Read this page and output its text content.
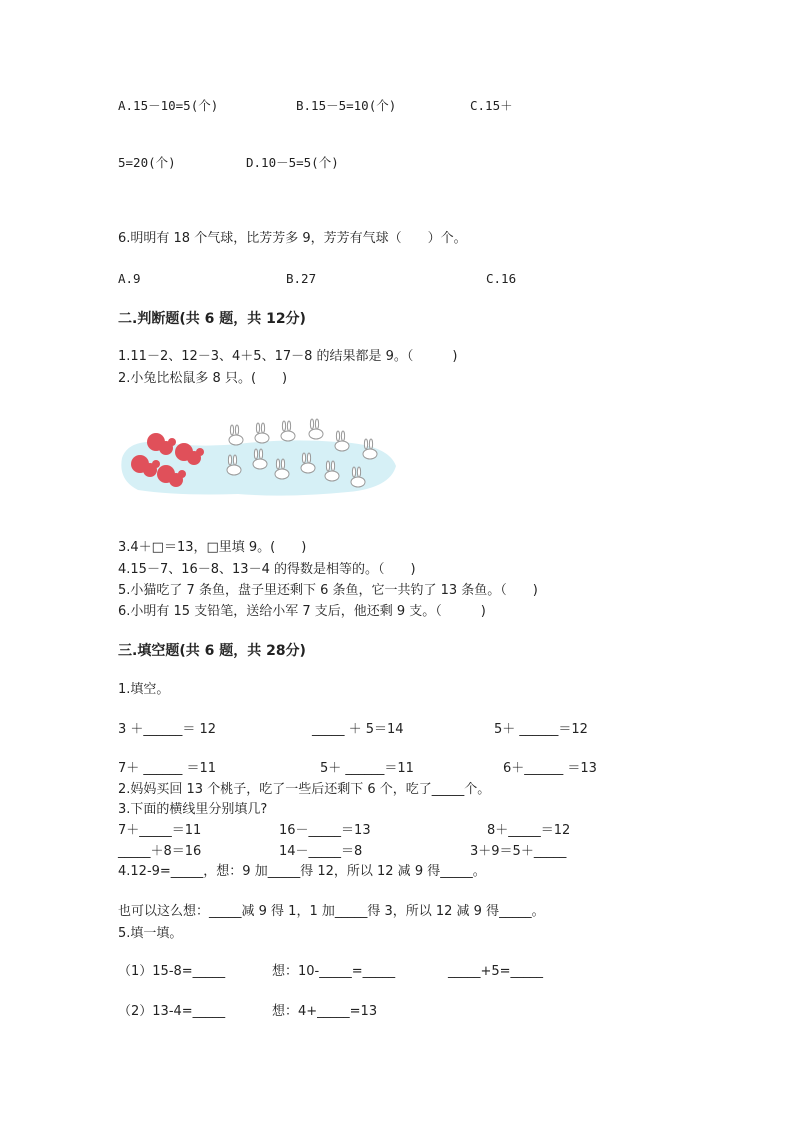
A.15－10=5(个)	B.15－5=10(个)	C.15＋
5=20(个)	D.10－5=5(个)
6.明明有 18 个气球，比芳芳多 9，芳芳有气球（　　）个。
A.9	B.27	C.16
二.判断题(共 6 题，共 12分)
1.11－2、12－3、4＋5、17－8 的结果都是 9。（　　　)
2.小兔比松鼠多 8 只。(　　)
3.4＋□＝13，□里填 9。(　　)
4.15－7、16－8、13－4 的得数是相等的。（　　)
5.小猫吃了 7 条鱼，盘子里还剩下 6 条鱼，它一共钓了 13 条鱼。（　　)
6.小明有 15 支铅笔，送给小军 7 支后，他还剩 9 支。（　　　)
三.填空题(共 6 题，共 28分)
1.填空。
3 ＋______＝ 12	_____ ＋ 5＝14	5＋ ______＝12
7＋ ______ ＝11	5＋ ______＝11	6＋______ ＝13
2.妈妈买回 13 个桃子，吃了一些后还剩下 6 个，吃了_____个。
3.下面的横线里分别填几?
7＋_____＝11	16－_____＝13	8＋_____＝12
_____＋8＝16	14－_____＝8	3＋9＝5＋_____
4.12-9=_____，想：9 加_____得 12，所以 12 减 9 得_____。
也可以这么想：_____减 9 得 1，1 加_____得 3，所以 12 减 9 得_____。
5.填一填。
（1）15-8=_____	想：10-_____=_____	_____+5=_____
（2）13-4=_____	想：4+_____=13
